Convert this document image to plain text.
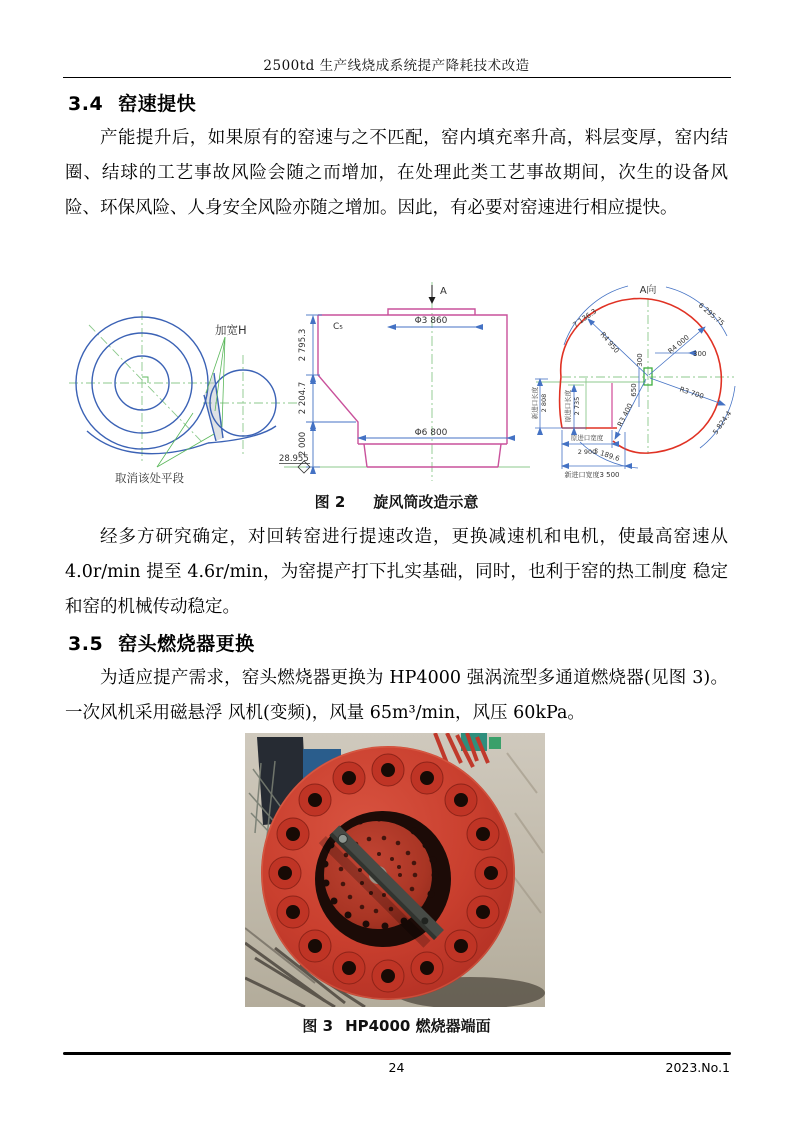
2500td 生产线烧成系统提产降耗技术改造
3.4 窑速提快
产能提升后，如果原有的窑速与之不匹配，窑内填充率升高，料层变厚，窑内结圈、结球的工艺事故风险会随之而增加，在处理此类工艺事故期间，次生的设备风险、环保风险、人身安全风险亦随之增加。因此，有必要对窑速进行相应提快。
加宽H
取消该处平段
A
2 795.3
2 204.7
2 000
Φ3 860
Φ6 800
C₅
28.955
A向
R4 950	R4 000
R3 700
R3 400
7 136.3	6 295.75
5 824.4
5 189.6
300
650
300
新进口长度 2 808 原进口长度 2 735
原进口宽度
2 900
新进口宽度3 500
图 2 旋风筒改造示意
经多方研究确定，对回转窑进行提速改造，更换减速机和电机，使最高窑速从 4.0r/min 提至 4.6r/min，为窑提产打下扎实基础，同时，也利于窑的热工制度 稳定和窑的机械传动稳定。
3.5 窑头燃烧器更换
为适应提产需求，窑头燃烧器更换为 HP4000 强涡流型多通道燃烧器(见图 3)。一次风机采用磁悬浮 风机(变频)，风量 65m³/min，风压 60kPa。
图 3 HP4000 燃烧器端面
24	2023.No.1
